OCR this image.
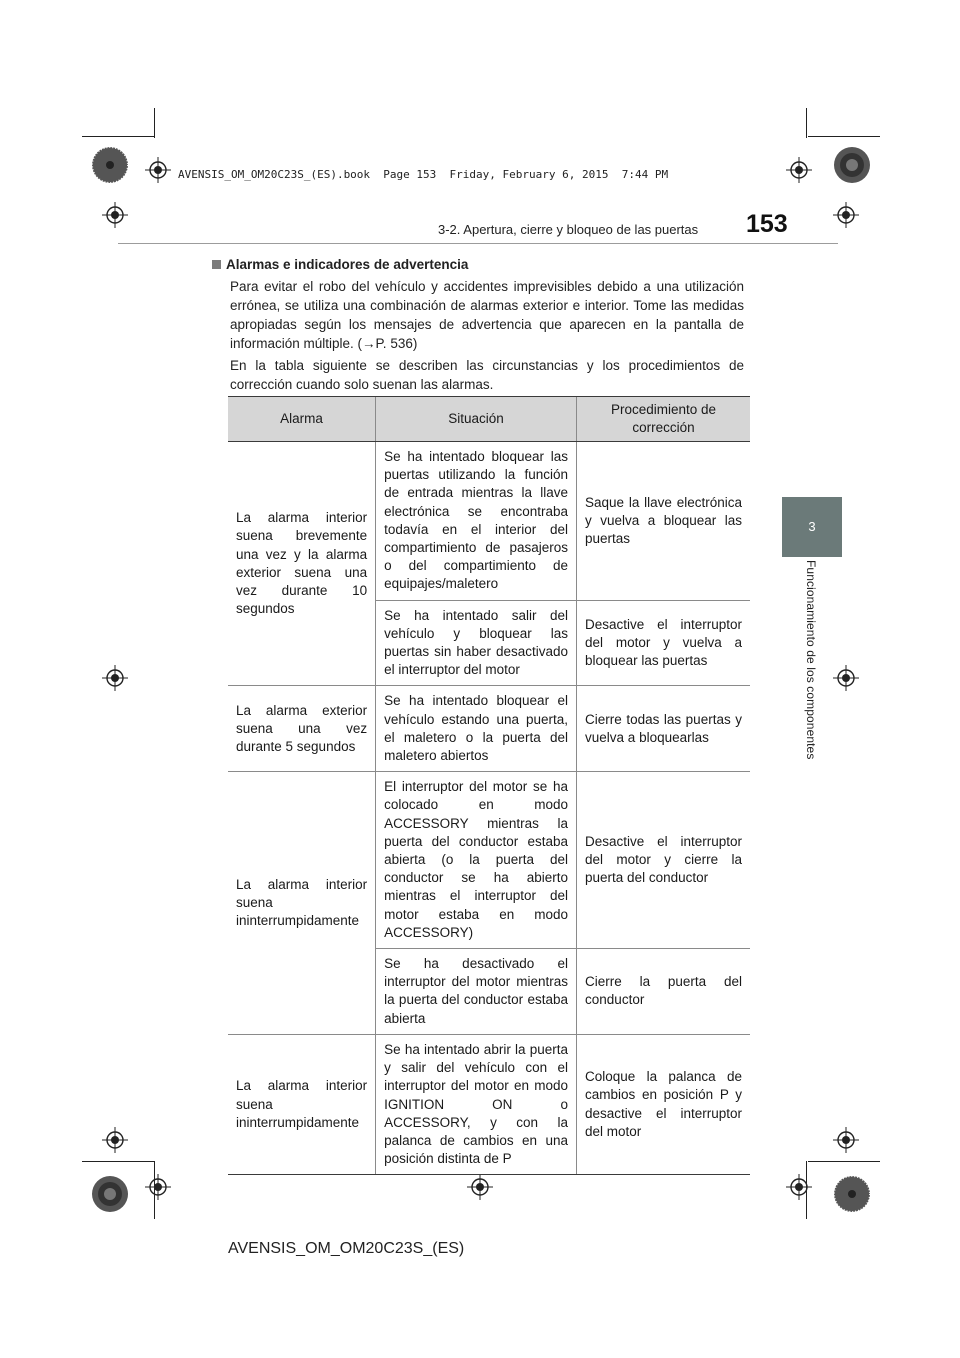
AVENSIS_OM_OM20C23S_(ES).book  Page 153  Friday, February 6, 2015  7:44 PM
3-2. Apertura, cierre y bloqueo de las puertas 153
3
Funcionamiento de los componentes
Alarmas e indicadores de advertencia
Para evitar el robo del vehículo y accidentes imprevisibles debido a una utilización errónea, se utiliza una combinación de alarmas exterior e interior. Tome las medidas apropiadas según los mensajes de advertencia que aparecen en la pantalla de información múltiple. (→P. 536)
En la tabla siguiente se describen las circunstancias y los procedimientos de corrección cuando solo suenan las alarmas.
Alarma	Situación	Procedimiento de corrección
La alarma interior suena brevemente una vez y la alarma exterior suena una vez durante 10 segundos	Se ha intentado bloquear las puertas utilizando la función de entrada mientras la llave electrónica se encontraba todavía en el interior del compartimiento de pasajeros o del compartimiento de equipajes/maletero	Saque la llave electrónica y vuelva a bloquear las puertas
	Se ha intentado salir del vehículo y bloquear las puertas sin haber desactivado el interruptor del motor	Desactive el interruptor del motor y vuelva a bloquear las puertas
La alarma exterior suena una vez durante 5 segundos	Se ha intentado bloquear el vehículo estando una puerta, el maletero o la puerta del maletero abiertos	Cierre todas las puertas y vuelva a bloquearlas
La alarma interior suena ininterrumpidamente	El interruptor del motor se ha colocado en modo ACCESSORY mientras la puerta del conductor estaba abierta (o la puerta del conductor se ha abierto mientras el interruptor del motor estaba en modo ACCESSORY)	Desactive el interruptor del motor y cierre la puerta del conductor
	Se ha desactivado el interruptor del motor mientras la puerta del conductor estaba abierta	Cierre la puerta del conductor
La alarma interior suena ininterrumpidamente	Se ha intentado abrir la puerta y salir del vehículo con el interruptor del motor en modo IGNITION ON o ACCESSORY, y con la palanca de cambios en una posición distinta de P	Coloque la palanca de cambios en posición P y desactive el interruptor del motor
AVENSIS_OM_OM20C23S_(ES)
